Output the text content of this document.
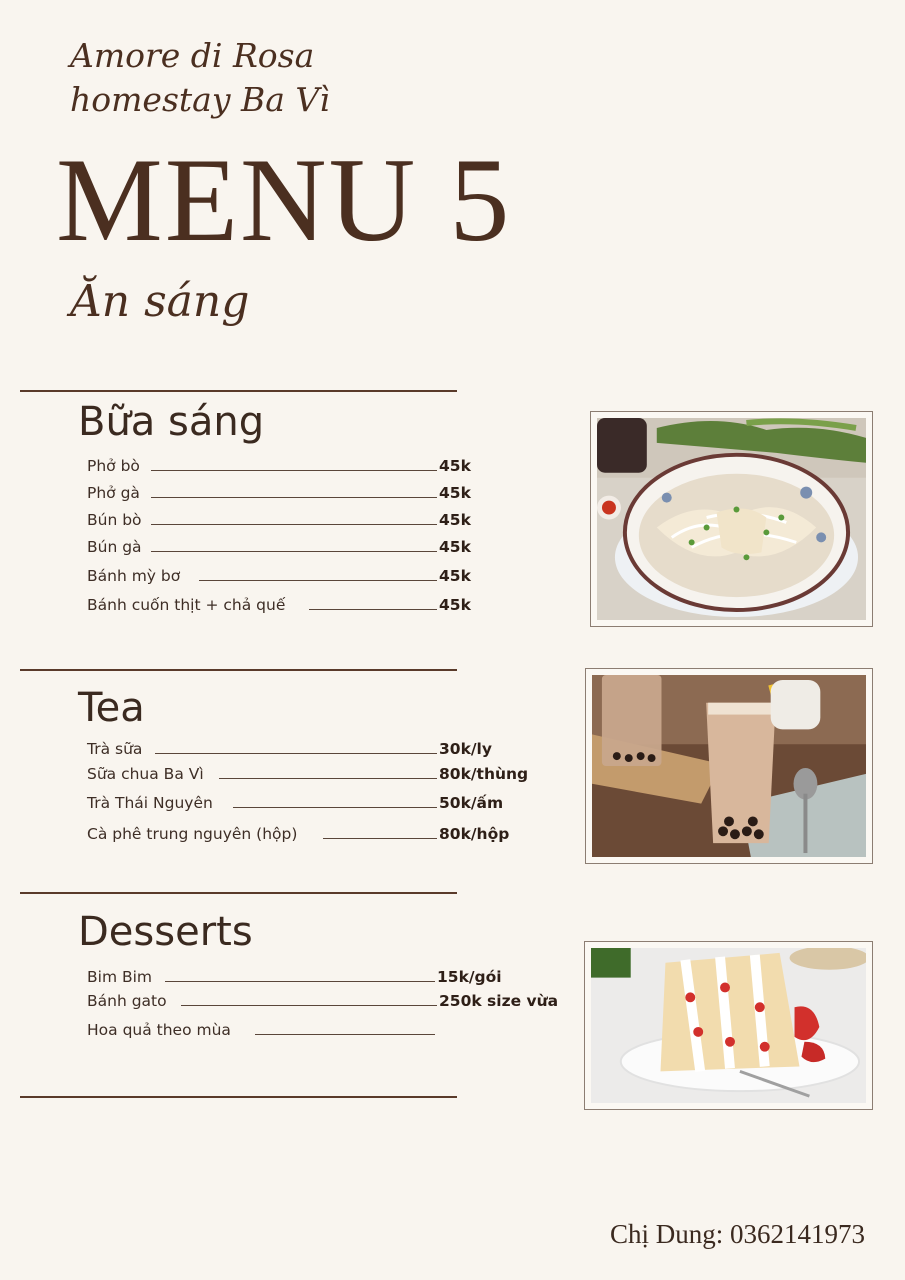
Amore di Rosa
homestay Ba Vì
MENU 5
Ăn sáng
Bữa sáng
Phở bò	45k
Phở gà	45k
Bún bò	45k
Bún gà	45k
Bánh mỳ bơ	45k
Bánh cuốn thịt + chả quế	45k
Tea
Trà sữa	30k/ly
Sữa chua Ba Vì	80k/thùng
Trà Thái Nguyên	50k/ấm
Cà phê trung nguyên (hộp)	80k/hộp
Desserts
Bim Bim	15k/gói
Bánh gato	250k size vừa
Hoa quả theo mùa
Chị Dung: 0362141973
